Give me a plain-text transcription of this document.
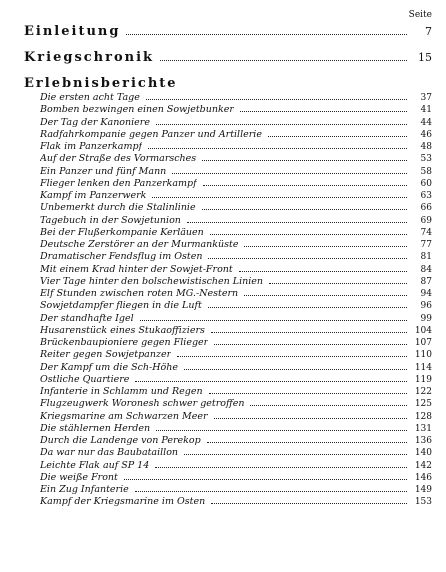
Seite
Einleitung	7
Kriegschronik	15
Erlebnisberichte
Die ersten acht Tage	37
Bomben bezwingen einen Sowjetbunker	41
Der Tag der Kanoniere	44
Radfahrkompanie gegen Panzer und Artillerie	46
Flak im Panzerkampf	48
Auf der Straße des Vormarsches	53
Ein Panzer und fünf Mann	58
Flieger lenken den Panzerkampf	60
Kampf im Panzerwerk	63
Unbemerkt durch die Stalinlinie	66
Tagebuch in der Sowjetunion	69
Bei der Flußerkompanie Kerläuen	74
Deutsche Zerstörer an der Murmanküste	77
Dramatischer Fendsflug im Osten	81
Mit einem Krad hinter der Sowjet-Front	84
Vier Tage hinter den bolschewistischen Linien	87
Elf Stunden zwischen roten MG.-Nestern	94
Sowjetdampfer fliegen in die Luft	96
Der standhafte Igel	99
Husarenstück eines Stukaoffiziers	104
Brückenbaupioniere gegen Flieger	107
Reiter gegen Sowjetpanzer	110
Der Kampf um die Sch-Höhe	114
Ostliche Quartiere	119
Infanterie in Schlamm und Regen	122
Flugzeugwerk Woronesh schwer getroffen	125
Kriegsmarine am Schwarzen Meer	128
Die stählernen Herden	131
Durch die Landenge von Perekop	136
Da war nur das Baubataillon	140
Leichte Flak auf SP 14	142
Die weiße Front	146
Ein Zug Infanterie	149
Kampf der Kriegsmarine im Osten	153
